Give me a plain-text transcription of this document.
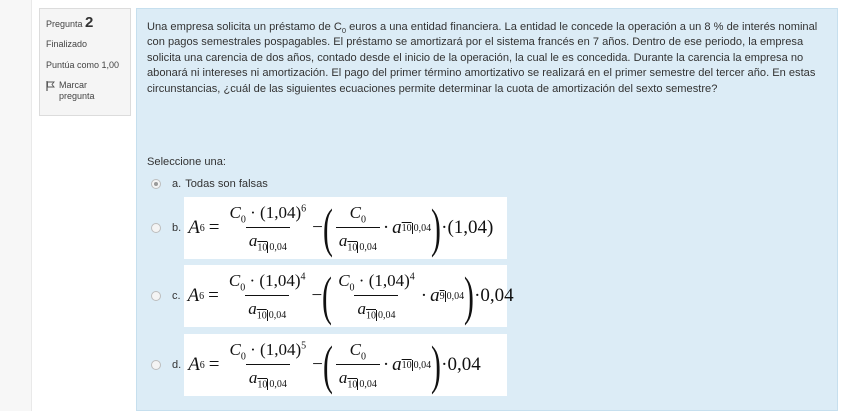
Pregunta 2
Finalizado
Puntúa como 1,00
Marcar pregunta
Una empresa solicita un préstamo de $C_0$ euros a una entidad financiera. La entidad le concede la operación a un 8 % de interés nominal con pagos semestrales pospagables. El préstamo se amortizará por el sistema francés en 7 años. Dentro de ese periodo, la empresa solicita una carencia de dos años, contado desde el inicio de la operación, la cual le es concedida. Durante la carencia la empresa no abonará ni intereses ni amortización. El pago del primer término amortizativo se realizará en el primer semestre del tercer año. En estas circunstancias, ¿cuál de las siguientes ecuaciones permite determinar la cuota de amortización del sexto semestre?
Seleccione una:
a. Todas son falsas
b. A $6 = \frac{C_0 \cdot (1,04)^6}{a_{10 0,04}}$ − ( $\frac{C_0}{a_{10 0,04}} \cdot a$ 10 0,04 ) ·(1,04)
c. A $6 = \frac{C_0 \cdot (1,04)^4}{a_{10 0,04}}$ − ( $\frac{C_0 \cdot (1,04)^4}{a_{10 0,04}} \cdot a$ 9 0,04 ) ·0,04
d. A $6 = \frac{C_0 \cdot (1,04)^5}{a_{10 0,04}}$ − ( $\frac{C_0}{a_{10 0,04}} \cdot a$ 10 0,04 ) ·0,04
